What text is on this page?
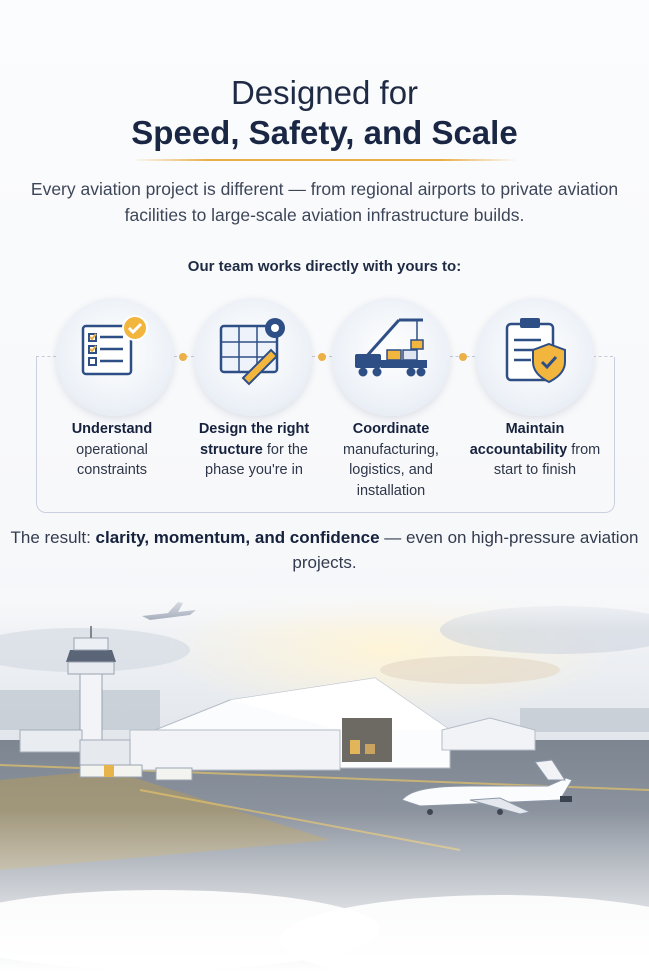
Designed for
Speed, Safety, and Scale
Every aviation project is different — from regional airports to private aviation facilities to large-scale aviation infrastructure builds.
Our team works directly with yours to:
Understand operational constraints
Design the right structure for the phase you're in
Coordinate manufacturing, logistics, and installation
Maintain accountability from start to finish
The result: clarity, momentum, and confidence — even on high-pressure aviation projects.
